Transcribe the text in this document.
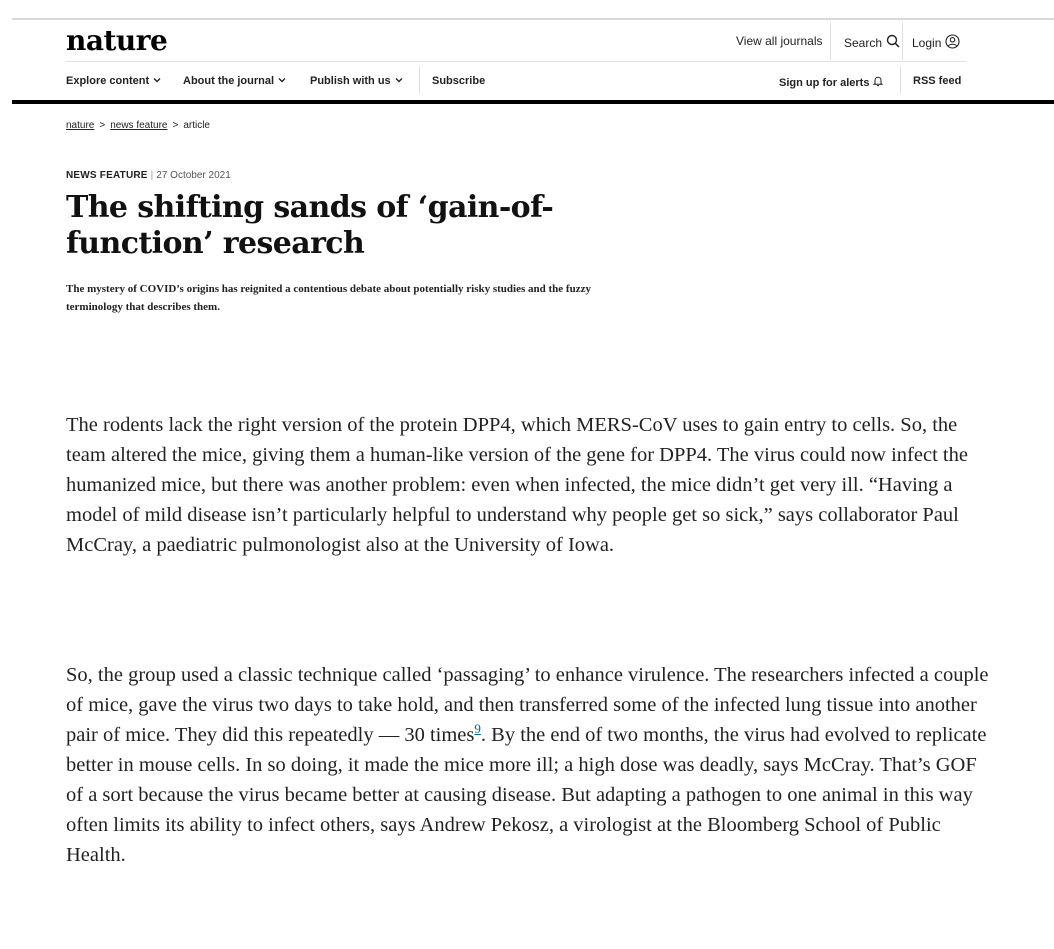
nature	View all journals Search Login
Explore content	About the journal	Publish with us	Subscribe	Sign up for alerts	RSS feed
nature > news feature > article
NEWS FEATURE | 27 October 2021
The shifting sands of ‘gain-of-function’ research

The mystery of COVID’s origins has reignited a contentious debate about potentially risky studies and the fuzzy terminology that describes them.

The rodents lack the right version of the protein DPP4, which MERS-CoV uses to gain entry to cells. So, the team altered the mice, giving them a human-like version of the gene for DPP4. The virus could now infect the humanized mice, but there was another problem: even when infected, the mice didn’t get very ill. “Having a model of mild disease isn’t particularly helpful to understand why people get so sick,” says collaborator Paul McCray, a paediatric pulmonologist also at the University of Iowa.

So, the group used a classic technique called ‘passaging’ to enhance virulence. The researchers infected a couple of mice, gave the virus two days to take hold, and then transferred some of the infected lung tissue into another pair of mice. They did this repeatedly — 30 times$^9$. By the end of two months, the virus had evolved to replicate better in mouse cells. In so doing, it made the mice more ill; a high dose was deadly, says McCray. That’s GOF of a sort because the virus became better at causing disease. But adapting a pathogen to one animal in this way often limits its ability to infect others, says Andrew Pekosz, a virologist at the Bloomberg School of Public Health.
